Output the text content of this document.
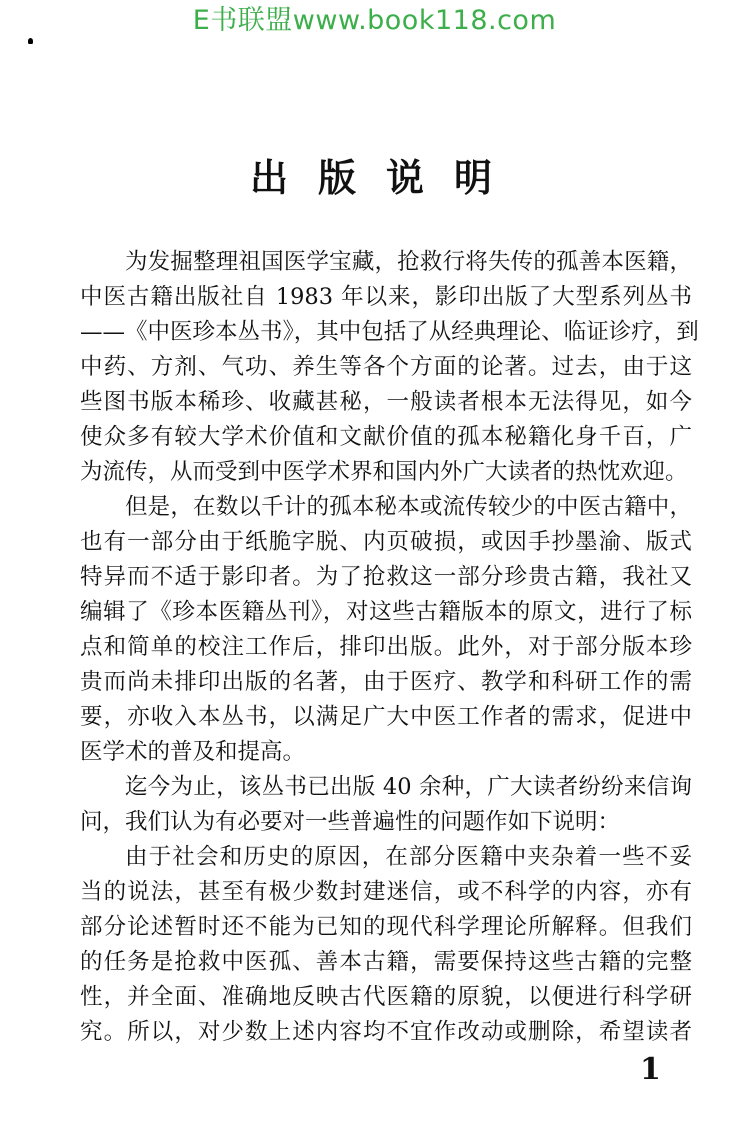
E书联盟www.book118.com
出版说明
为发掘整理祖国医学宝藏，抢救行将失传的孤善本医籍，
中医古籍出版社自 1983 年以来，影印出版了大型系列丛书
——《中医珍本丛书》，其中包括了从经典理论、临证诊疗，到
中药、方剂、气功、养生等各个方面的论著。过去，由于这
些图书版本稀珍、收藏甚秘，一般读者根本无法得见，如今
使众多有较大学术价值和文献价值的孤本秘籍化身千百，广
为流传，从而受到中医学术界和国内外广大读者的热忱欢迎。
但是，在数以千计的孤本秘本或流传较少的中医古籍中，
也有一部分由于纸脆字脱、内页破损，或因手抄墨渝、版式
特异而不适于影印者。为了抢救这一部分珍贵古籍，我社又
编辑了《珍本医籍丛刊》，对这些古籍版本的原文，进行了标
点和简单的校注工作后，排印出版。此外，对于部分版本珍
贵而尚未排印出版的名著，由于医疗、教学和科研工作的需
要，亦收入本丛书，以满足广大中医工作者的需求，促进中
医学术的普及和提高。
迄今为止，该丛书已出版 40 余种，广大读者纷纷来信询
问，我们认为有必要对一些普遍性的问题作如下说明：
由于社会和历史的原因，在部分医籍中夹杂着一些不妥
当的说法，甚至有极少数封建迷信，或不科学的内容，亦有
部分论述暂时还不能为已知的现代科学理论所解释。但我们
的任务是抢救中医孤、善本古籍，需要保持这些古籍的完整
性，并全面、准确地反映古代医籍的原貌，以便进行科学研
究。所以，对少数上述内容均不宜作改动或删除，希望读者
1
